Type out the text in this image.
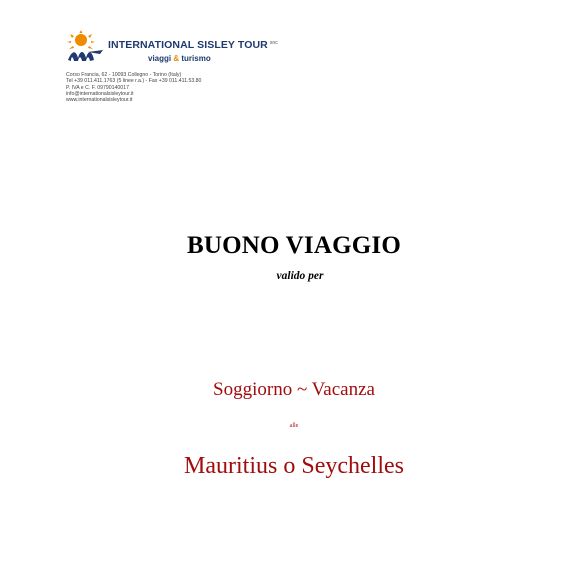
INTERNATIONAL SISLEY TOUR $^{snc}$
viaggi & turismo
Corso Francia, 62 - 10093 Collegno - Torino (Italy)
Tel +39 011.411.1763 (5 linee r.a.) - Fax +39 011.411.53.80
P. IVA e C. F. 09790140017
info@internationalsisleytour.it
www.internationalsisleytour.it
BUONO VIAGGIO
valido per
Soggiorno ~ Vacanza
alle
Mauritius o Seychelles
